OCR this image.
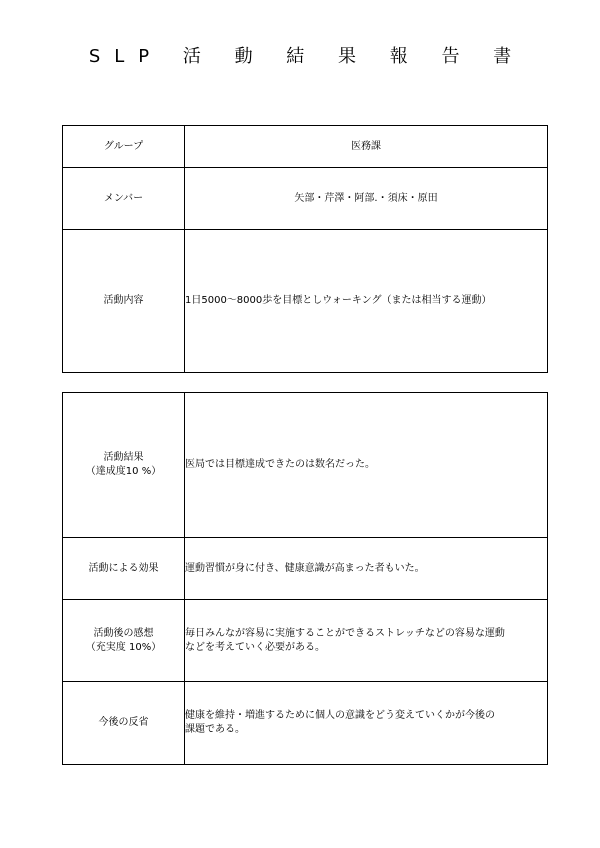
SLP 活 動 結 果 報 告 書
グループ	医務課
メンバー	矢部・芹澤・阿部.・須床・原田
活動内容	1日5000～8000歩を目標としウォーキング（または相当する運動）
活動結果
（達成度10 %）	医局では目標達成できたのは数名だった。
活動による効果	運動習慣が身に付き、健康意識が高まった者もいた。

活動後の感想
（充実度 10%）	毎日みんなが容易に実施することができるストレッチなどの容易な運動
などを考えていく必要がある。

今後の反省	健康を維持・増進するために個人の意識をどう変えていくかが今後の
課題である。
